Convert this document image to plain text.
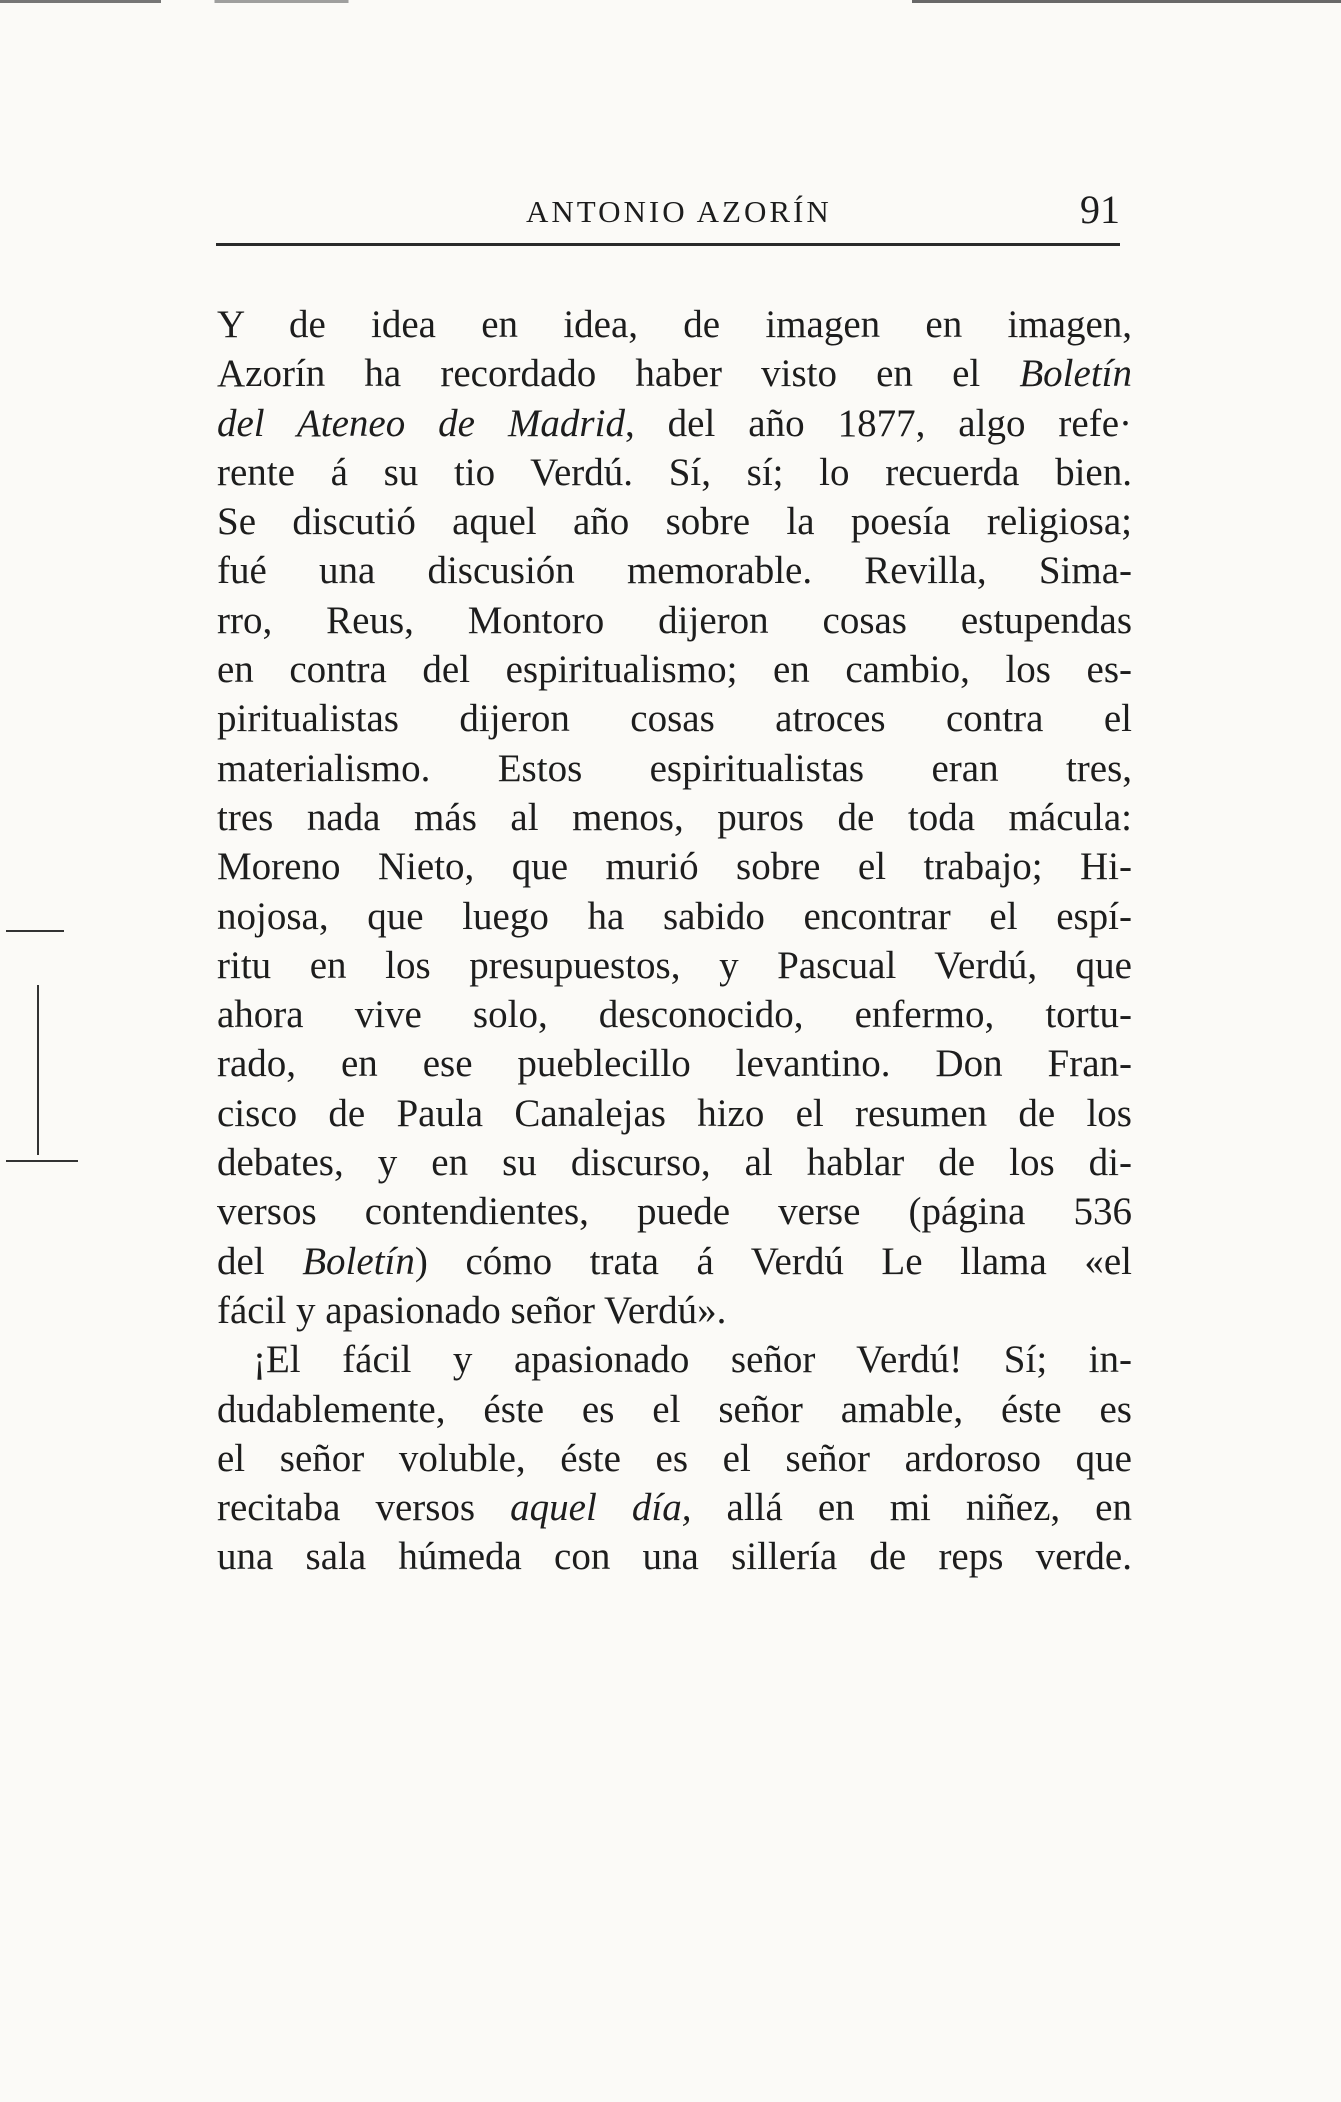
ANTONIO AZORÍN	91
Y de idea en idea, de imagen en imagen,
Azorín ha recordado haber visto en el Boletín
del Ateneo de Madrid, del año 1877, algo refe·
rente á su tio Verdú. Sí, sí; lo recuerda bien.
Se discutió aquel año sobre la poesía religiosa;
fué una discusión memorable. Revilla, Sima-
rro, Reus, Montoro dijeron cosas estupendas
en contra del espiritualismo; en cambio, los es-
piritualistas dijeron cosas atroces contra el
materialismo. Estos espiritualistas eran tres,
tres nada más al menos, puros de toda mácula:
Moreno Nieto, que murió sobre el trabajo; Hi-
nojosa, que luego ha sabido encontrar el espí-
ritu en los presupuestos, y Pascual Verdú, que
ahora vive solo, desconocido, enfermo, tortu-
rado, en ese pueblecillo levantino. Don Fran-
cisco de Paula Canalejas hizo el resumen de los
debates, y en su discurso, al hablar de los di-
versos contendientes, puede verse (página 536
del Boletín) cómo trata á Verdú Le llama «el
fácil y apasionado señor Verdú».
¡El fácil y apasionado señor Verdú! Sí; in-
dudablemente, éste es el señor amable, éste es
el señor voluble, éste es el señor ardoroso que
recitaba versos aquel día, allá en mi niñez, en
una sala húmeda con una sillería de reps verde.
